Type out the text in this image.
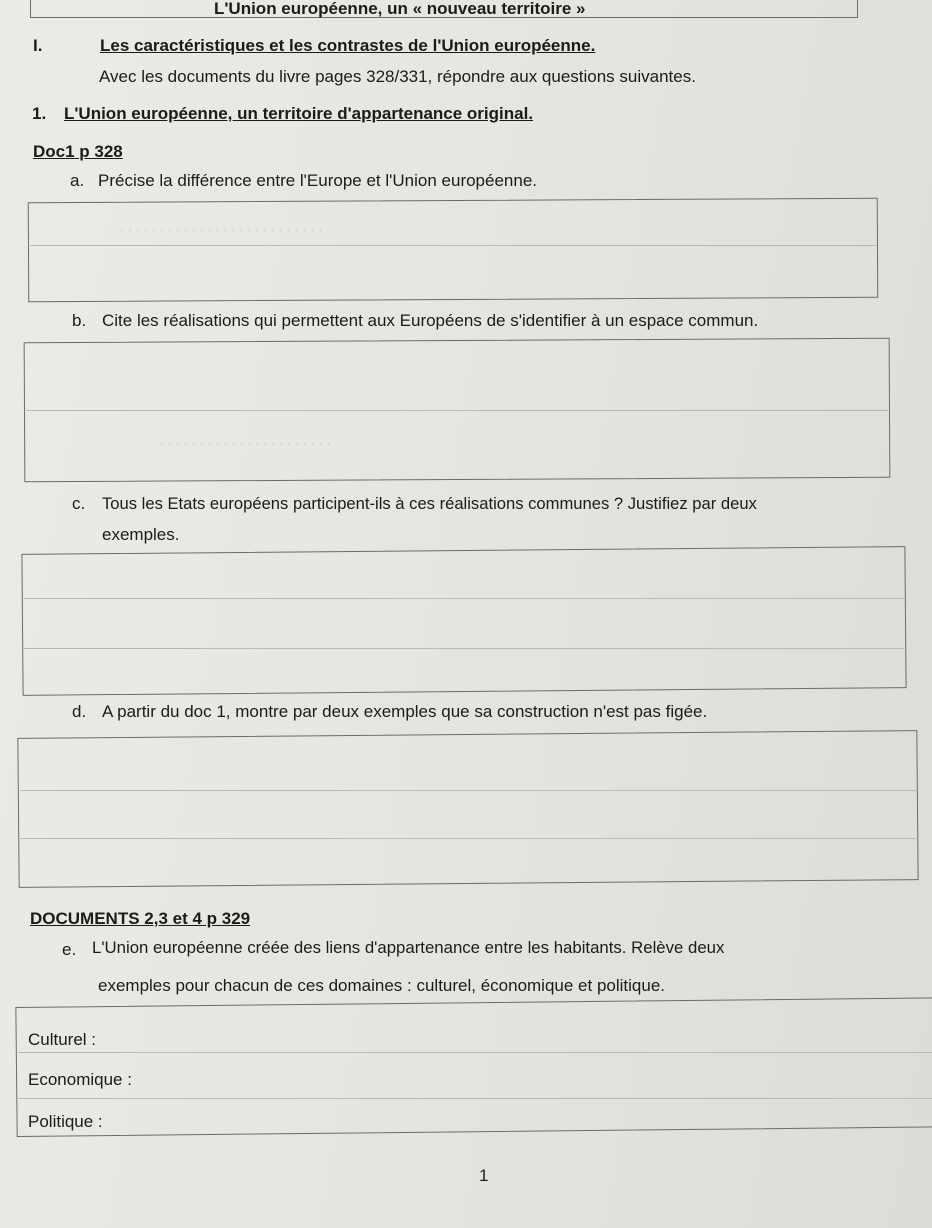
L'Union européenne, un « nouveau territoire »
I.	Les caractéristiques et les contrastes de l'Union européenne.
Avec les documents du livre pages 328/331, répondre aux questions suivantes.
1. L'Union européenne, un territoire d'appartenance original.
Doc1 p 328
a. Précise la différence entre l'Europe et l'Union européenne.
· · · · · · · · · · · · · · · · · · · · · · · · · ·
b. Cite les réalisations qui permettent aux Européens de s'identifier à un espace commun.
· · · · · · · · · · · · · · · · · · · · · ·
c. Tous les Etats européens participent-ils à ces réalisations communes ? Justifiez par deux
exemples.
d. A partir du doc 1, montre par deux exemples que sa construction n'est pas figée.
DOCUMENTS 2,3 et 4 p 329
e. L'Union européenne créée des liens d'appartenance entre les habitants. Relève deux
exemples pour chacun de ces domaines : culturel, économique et politique.
Culturel :
Economique :
Politique :
1
